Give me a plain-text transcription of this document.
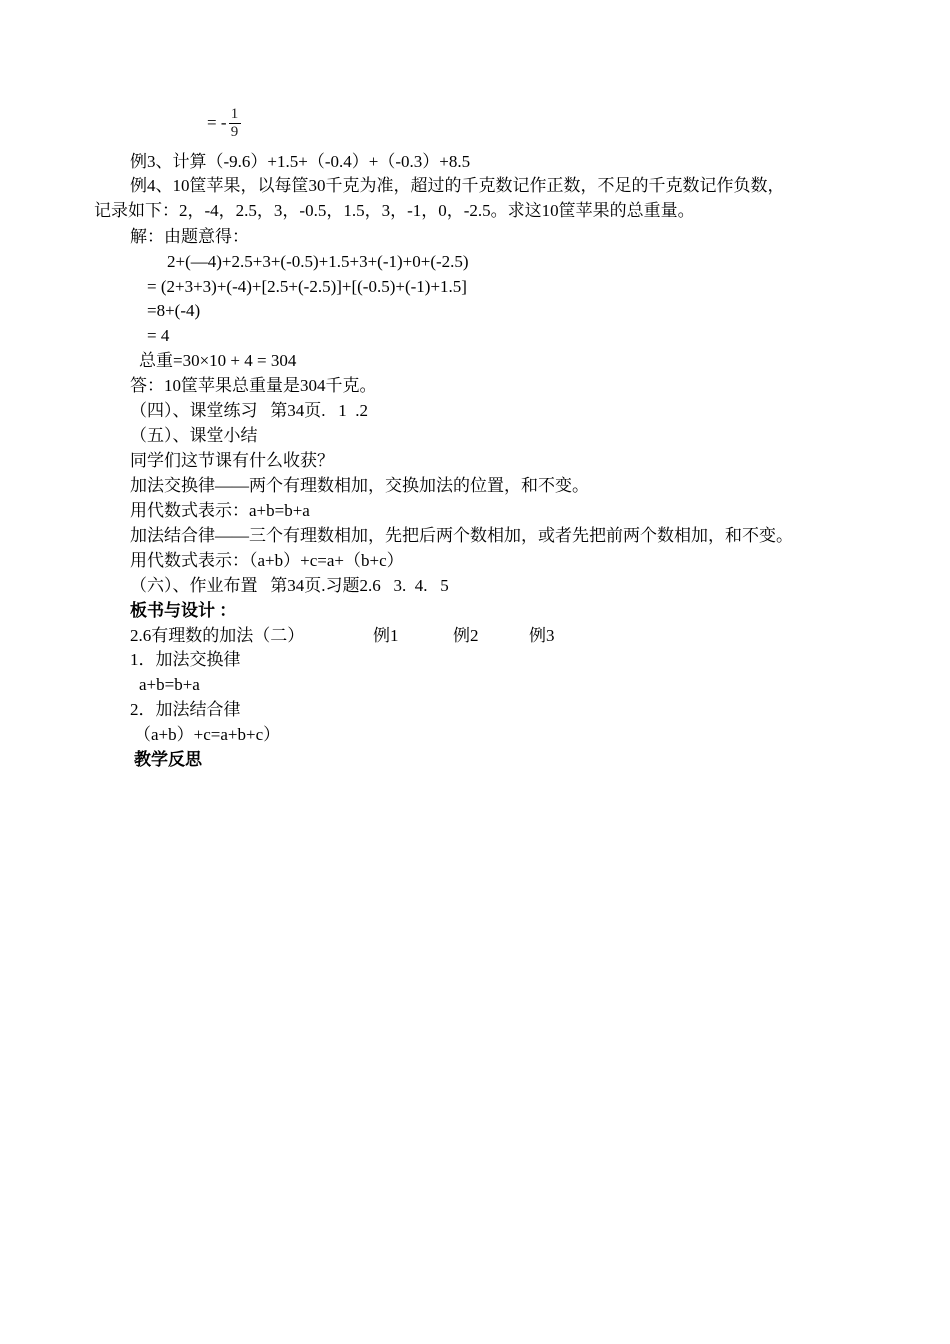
= - $\frac{1}{9}$
例3、计算（-9.6）+1.5+（-0.4）+（-0.3）+8.5
例4、10筐苹果，以每筐30千克为准，超过的千克数记作正数，不足的千克数记作负数，
记录如下：2，-4，2.5，3，-0.5，1.5，3，-1，0，-2.5。求这10筐苹果的总重量。
解：由题意得：
2+(—4)+2.5+3+(-0.5)+1.5+3+(-1)+0+(-2.5)
= (2+3+3)+(-4)+[2.5+(-2.5)]+[(-0.5)+(-1)+1.5]
=8+(-4)
= 4
总重=30×10 + 4 = 304
答：10筐苹果总重量是304千克。
（四）、课堂练习   第34页.   1  .2
（五）、课堂小结
同学们这节课有什么收获？
加法交换律——两个有理数相加，交换加法的位置，和不变。
用代数式表示：a+b=b+a
加法结合律——三个有理数相加，先把后两个数相加，或者先把前两个数相加，和不变。
用代数式表示：（a+b）+c=a+（b+c）
（六）、作业布置   第34页.习题2.6   3.  4.   5
板书与设计 ：
2.6有理数的加法（二）	例1	例2	例3
1．加法交换律
a+b=b+a
2．加法结合律
（a+b）+c=a+b+c）
教学反思
